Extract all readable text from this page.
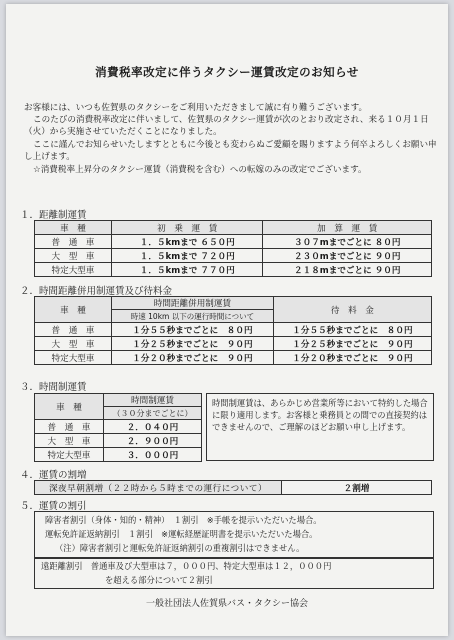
消費税率改定に伴うタクシー運賃改定のお知らせ
お客様には、いつも佐賀県のタクシーをご利用いただきまして誠に有り難うございます。
このたびの消費税率改定に伴いまして、佐賀県のタクシー運賃が次のとおり改定され、来る１０月１日（火）から実施させていただくことになりました。
ここに謹んでお知らせいたしますとともに今後とも変わらぬご愛顧を賜りますよう何卒よろしくお願い申し上げます。
☆消費税率上昇分のタクシー運賃（消費税を含む）への転嫁のみの改定でございます。
１．距離制運賃
車　種	初　乗　運　賃	加　算　運　賃
普　通　車	１．５kmまで ６５０円	３０７mまでごとに ８０円
大　型　車	１．５kmまで ７２０円	２３０mまでごとに ９０円
特定大型車	１．５kmまで ７７０円	２１８mまでごとに ９０円
２．時間距離併用制運賃及び待料金
車　種	時間距離併用制運賃	待　料　金
	時速 10km 以下の運行時間について	
普　通　車	１分５５秒までごとに　８０円	１分５５秒までごとに　８０円
大　型　車	１分２５秒までごとに　９０円	１分２５秒までごとに　９０円
特定大型車	１分２０秒までごとに　９０円	１分２０秒までごとに　９０円
３．時間制運賃
車　種	時間制運賃
	（３０分までごとに）
普　通　車	２．０４０円
大　型　車	２．９００円
特定大型車	３．０００円
時間制運賃は、あらかじめ営業所等において特約した場合に限り適用します。お客様と乗務員との間での直接契約はできませんので、ご理解のほどお願い申し上げます。
４．運賃の割増
深夜早朝割増（２２時から５時までの運行について）	２割増
５．運賃の割引
障害者割引（身体・知的・精神）　１割引　※手帳を提示いただいた場合。
運転免許証返納割引　１割引　※運転経歴証明書を提示いただいた場合。
（注）障害者割引と運転免許証返納割引の重複割引はできません。
遠距離割引　普通車及び大型車は７，０００円、特定大型車は１２，０００円
を超える部分について２割引
一般社団法人佐賀県バス・タクシー協会
